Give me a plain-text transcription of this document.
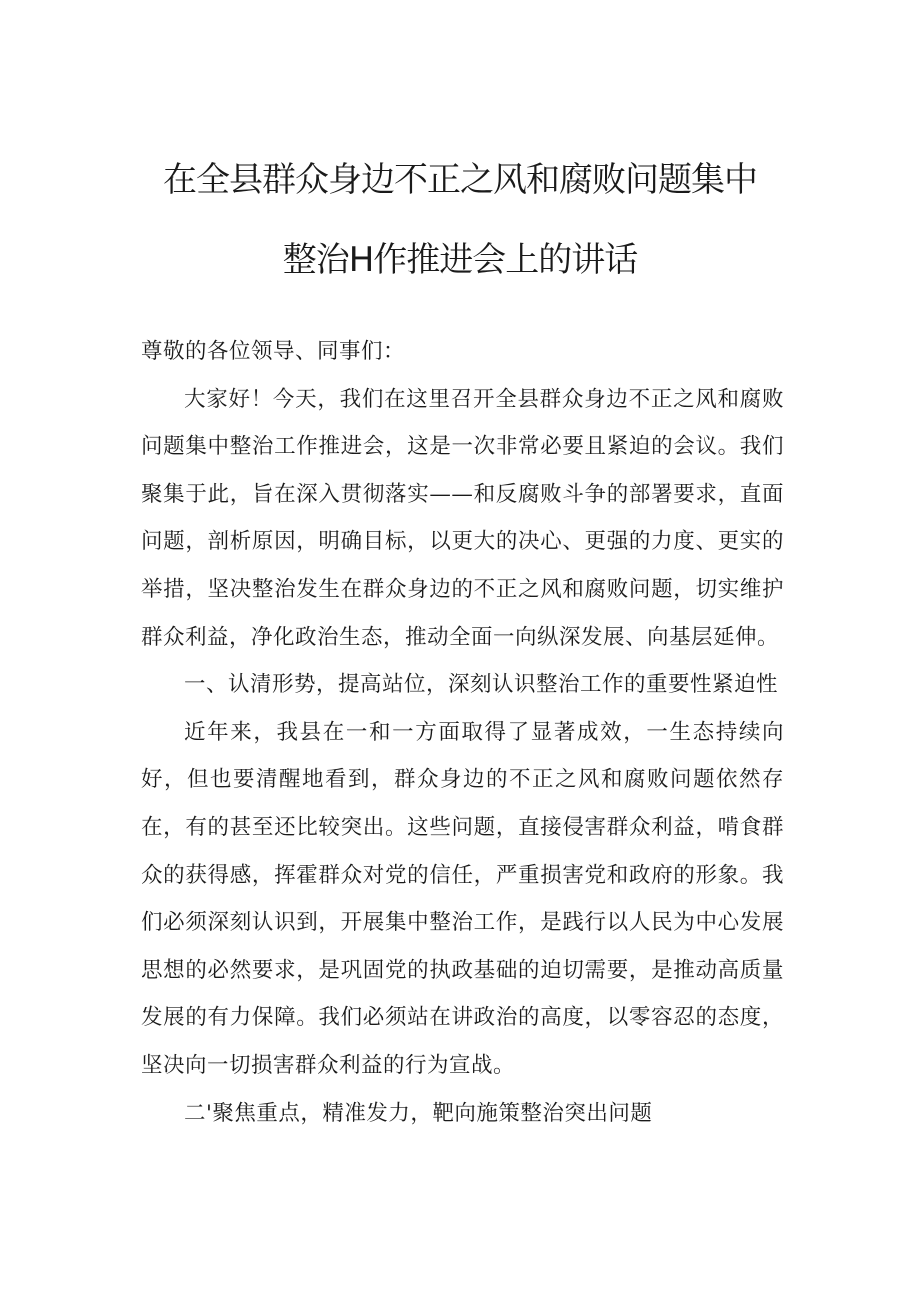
在全县群众身边不正之风和腐败问题集中
整治H作推进会上的讲话

尊敬的各位领导、同事们：

大家好！今天，我们在这里召开全县群众身边不正之风和腐败问题集中整治工作推进会，这是一次非常必要且紧迫的会议。我们聚集于此，旨在深入贯彻落实——和反腐败斗争的部署要求，直面问题，剖析原因，明确目标，以更大的决心、更强的力度、更实的举措，坚决整治发生在群众身边的不正之风和腐败问题，切实维护群众利益，净化政治生态，推动全面一向纵深发展、向基层延伸。

一、认清形势，提高站位，深刻认识整治工作的重要性紧迫性

近年来，我县在一和一方面取得了显著成效，一生态持续向好，但也要清醒地看到，群众身边的不正之风和腐败问题依然存在，有的甚至还比较突出。这些问题，直接侵害群众利益，啃食群众的获得感，挥霍群众对党的信任，严重损害党和政府的形象。我们必须深刻认识到，开展集中整治工作，是践行以人民为中心发展思想的必然要求，是巩固党的执政基础的迫切需要，是推动高质量发展的有力保障。我们必须站在讲政治的高度，以零容忍的态度，坚决向一切损害群众利益的行为宣战。

二'聚焦重点，精准发力，靶向施策整治突出问题
